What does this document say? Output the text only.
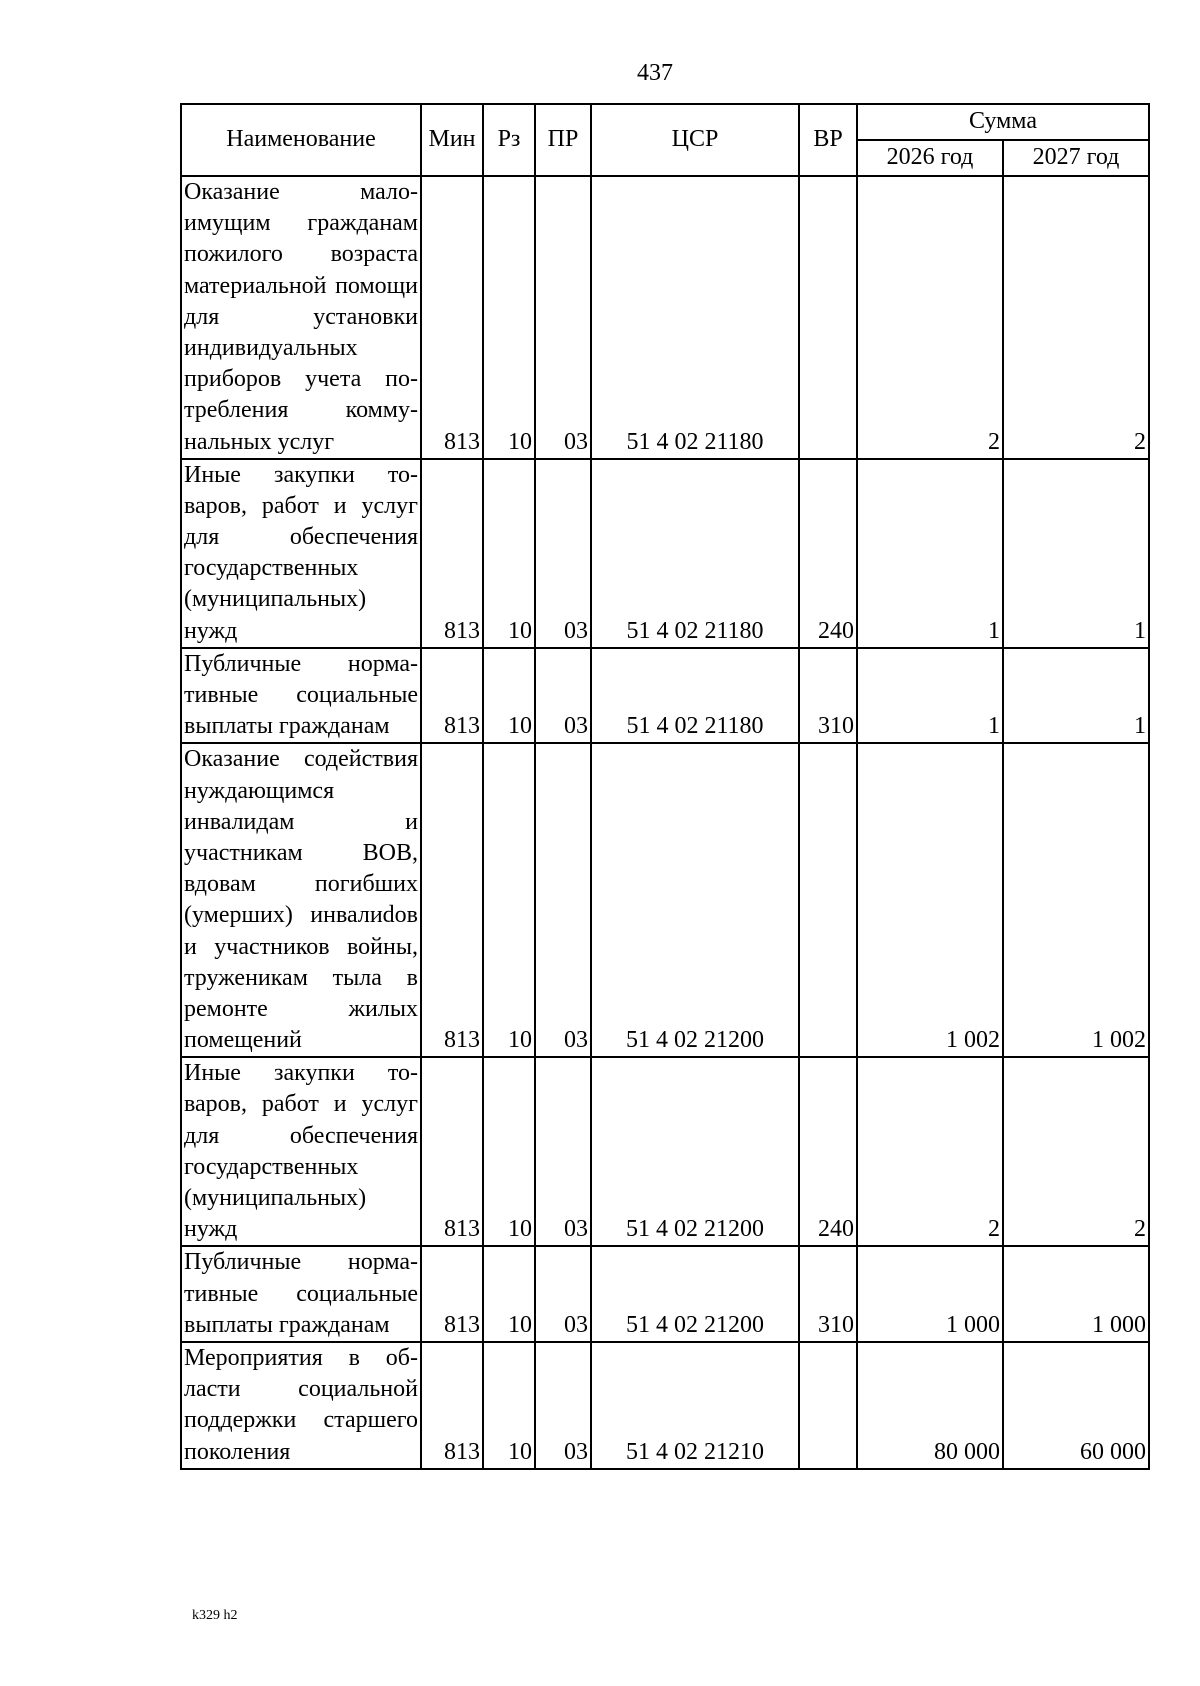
437
Наименование	Мин	Рз	ПР	ЦСР	ВР	Сумма	
						2026 год	2027 год
Оказание малоимущим гражданам пожилого возраста материальной помощи для установки индивидуальных приборов учета потребления коммунальных услуг	813	10	03	51 4 02 21180		2	2
Иные закупки товаров, работ и услуг для обеспечения государственных (муниципальных) нужд	813	10	03	51 4 02 21180	240	1	1
Публичные нормативные социальные выплаты гражданам	813	10	03	51 4 02 21180	310	1	1
Оказание содействия нуждающимся инвалидам и участникам ВОВ, вдовам погибших (умерших) инвалиdов и участников войны, труженикам тыла в ремонте жилых помещений	813	10	03	51 4 02 21200		1 002	1 002
Иные закупки товаров, работ и услуг для обеспечения государственных (муниципальных) нужд	813	10	03	51 4 02 21200	240	2	2
Публичные нормативные социальные выплаты гражданам	813	10	03	51 4 02 21200	310	1 000	1 000
Мероприятия в области социальной поддержки старшего поколения	813	10	03	51 4 02 21210		80 000	60 000
k329 h2
